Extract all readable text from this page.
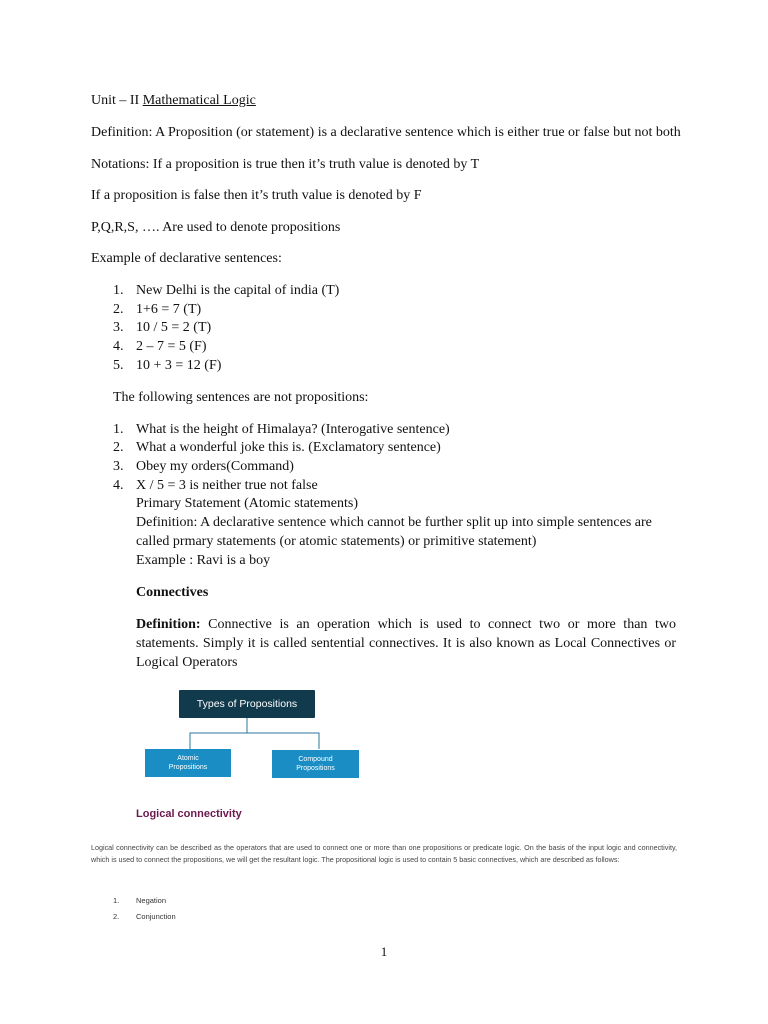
Unit – II Mathematical Logic
Definition: A Proposition (or statement) is a declarative sentence which is either true or false but not both
Notations: If a proposition is true then it’s truth value is denoted by T
If a proposition is false then it’s truth value is denoted by F
P,Q,R,S, …. Are used to denote propositions
Example of declarative sentences:
1. New Delhi is the capital of india (T)
2. 1+6 = 7 (T)
3. 10 / 5 = 2 (T)
4. 2 – 7 = 5 (F)
5. 10 + 3 = 12 (F)
The following sentences are not propositions:
1. What is the height of Himalaya? (Interogative sentence)
2. What a wonderful joke this is. (Exclamatory sentence)
3. Obey my orders(Command)
4. X / 5 = 3 is neither true not false
Primary Statement (Atomic statements)
Definition: A declarative sentence which cannot be further split up into simple sentences are
called prmary statements (or atomic statements) or primitive statement)
Example : Ravi is a boy
Connectives
Definition: Connective is an operation which is used to connect two or more than two statements. Simply it is called sentential connectives. It is also known as Local Connectives or Logical Operators
Types of Propositions
Atomic
Propositions
Compound
Propositions
Logical connectivity
Logical connectivity can be described as the operators that are used to connect one or more than one propositions or predicate logic. On the basis of the input logic and connectivity, which is used to connect the propositions, we will get the resultant logic. The propositional logic is used to contain 5 basic connectives, which are described as follows:
1. Negation
2. Conjunction
1
